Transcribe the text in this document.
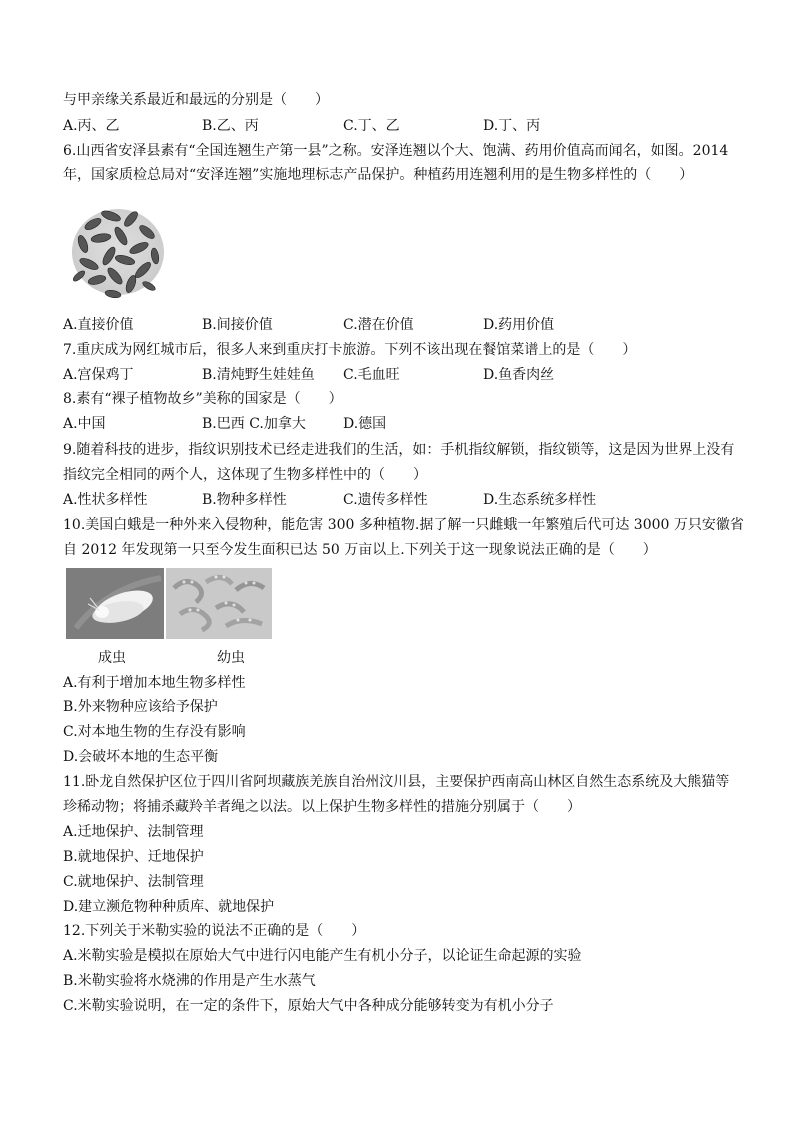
与甲亲缘关系最近和最远的分别是（　　）
A.丙、乙	B.乙、丙	C.丁、乙	D.丁、丙
6.山西省安泽县素有“全国连翘生产第一县”之称。安泽连翘以个大、饱满、药用价值高而闻名，如图。2014
年，国家质检总局对“安泽连翘”实施地理标志产品保护。种植药用连翘利用的是生物多样性的（　　）
A.直接价值	B.间接价值	C.潜在价值	D.药用价值
7.重庆成为网红城市后，很多人来到重庆打卡旅游。下列不该出现在餐馆菜谱上的是（　　）
A.宫保鸡丁	B.清炖野生娃娃鱼 C.毛血旺	D.鱼香肉丝
8.素有“裸子植物故乡”美称的国家是（　　）
A.中国	B.巴西 C.加拿大	D.德国
9.随着科技的进步，指纹识别技术已经走进我们的生活，如：手机指纹解锁，指纹锁等，这是因为世界上没有
指纹完全相同的两个人，这体现了生物多样性中的（　　）
A.性状多样性	B.物种多样性	C.遗传多样性	D.生态系统多样性
10.美国白蛾是一种外来入侵物种，能危害 300 多种植物.据了解一只雌蛾一年繁殖后代可达 3000 万只安徽省
自 2012 年发现第一只至今发生面积已达 50 万亩以上.下列关于这一现象说法正确的是（　　）
成虫	幼虫
A.有利于增加本地生物多样性
B.外来物种应该给予保护
C.对本地生物的生存没有影响
D.会破坏本地的生态平衡
11.卧龙自然保护区位于四川省阿坝藏族羌族自治州汶川县，主要保护西南高山林区自然生态系统及大熊猫等
珍稀动物；将捕杀藏羚羊者绳之以法。以上保护生物多样性的措施分别属于（　　）
A.迁地保护、法制管理
B.就地保护、迁地保护
C.就地保护、法制管理
D.建立濒危物种种质库、就地保护
12.下列关于米勒实验的说法不正确的是（　　）
A.米勒实验是模拟在原始大气中进行闪电能产生有机小分子，以论证生命起源的实验
B.米勒实验将水烧沸的作用是产生水蒸气
C.米勒实验说明，在一定的条件下，原始大气中各种成分能够转变为有机小分子
